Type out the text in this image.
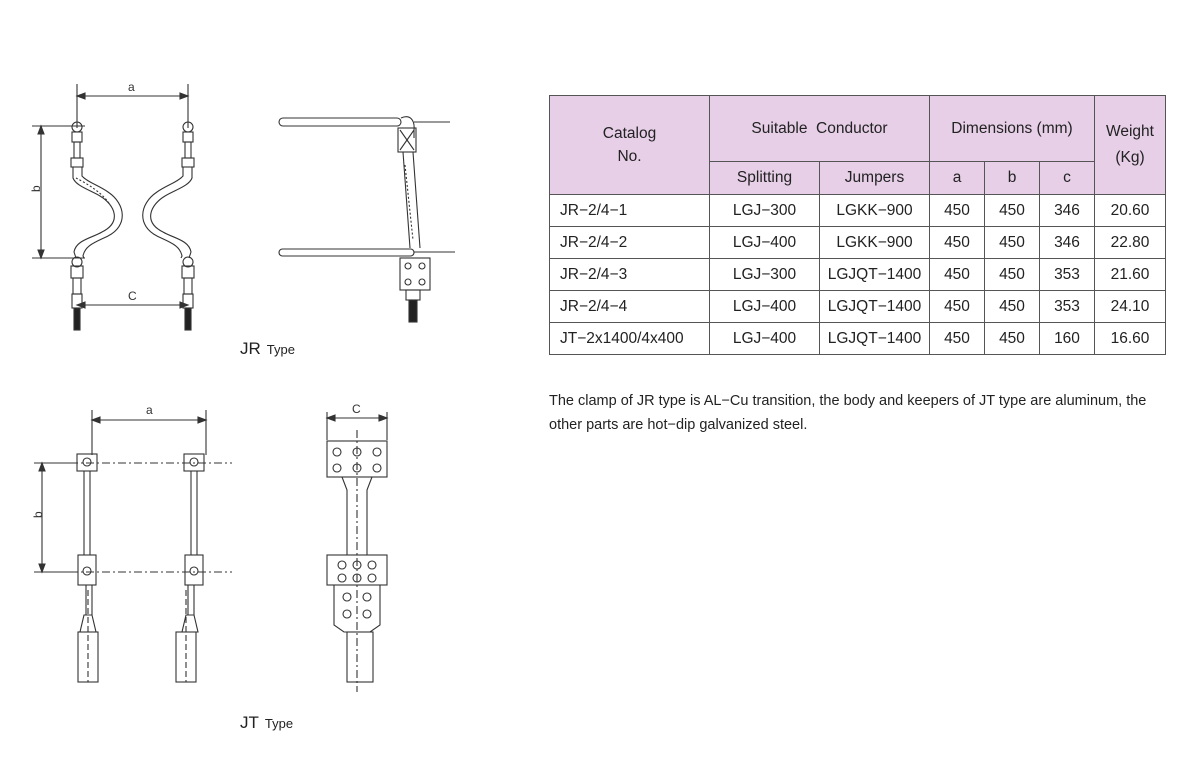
a
b
C
a
b
C
JR Type
JT Type
Catalog
No.	Suitable  Conductor		Dimensions (mm)			Weight
(Kg)
	Splitting	Jumpers	a	b	c	
JR−2/4−1	LGJ−300	LGKK−900	450	450	346	20.60
JR−2/4−2	LGJ−400	LGKK−900	450	450	346	22.80
JR−2/4−3	LGJ−300	LGJQT−1400	450	450	353	21.60
JR−2/4−4	LGJ−400	LGJQT−1400	450	450	353	24.10
JT−2x1400/4x400	LGJ−400	LGJQT−1400	450	450	160	16.60

The clamp of JR type is AL−Cu transition, the body and keepers of JT type are aluminum, the other parts are hot−dip galvanized steel.
